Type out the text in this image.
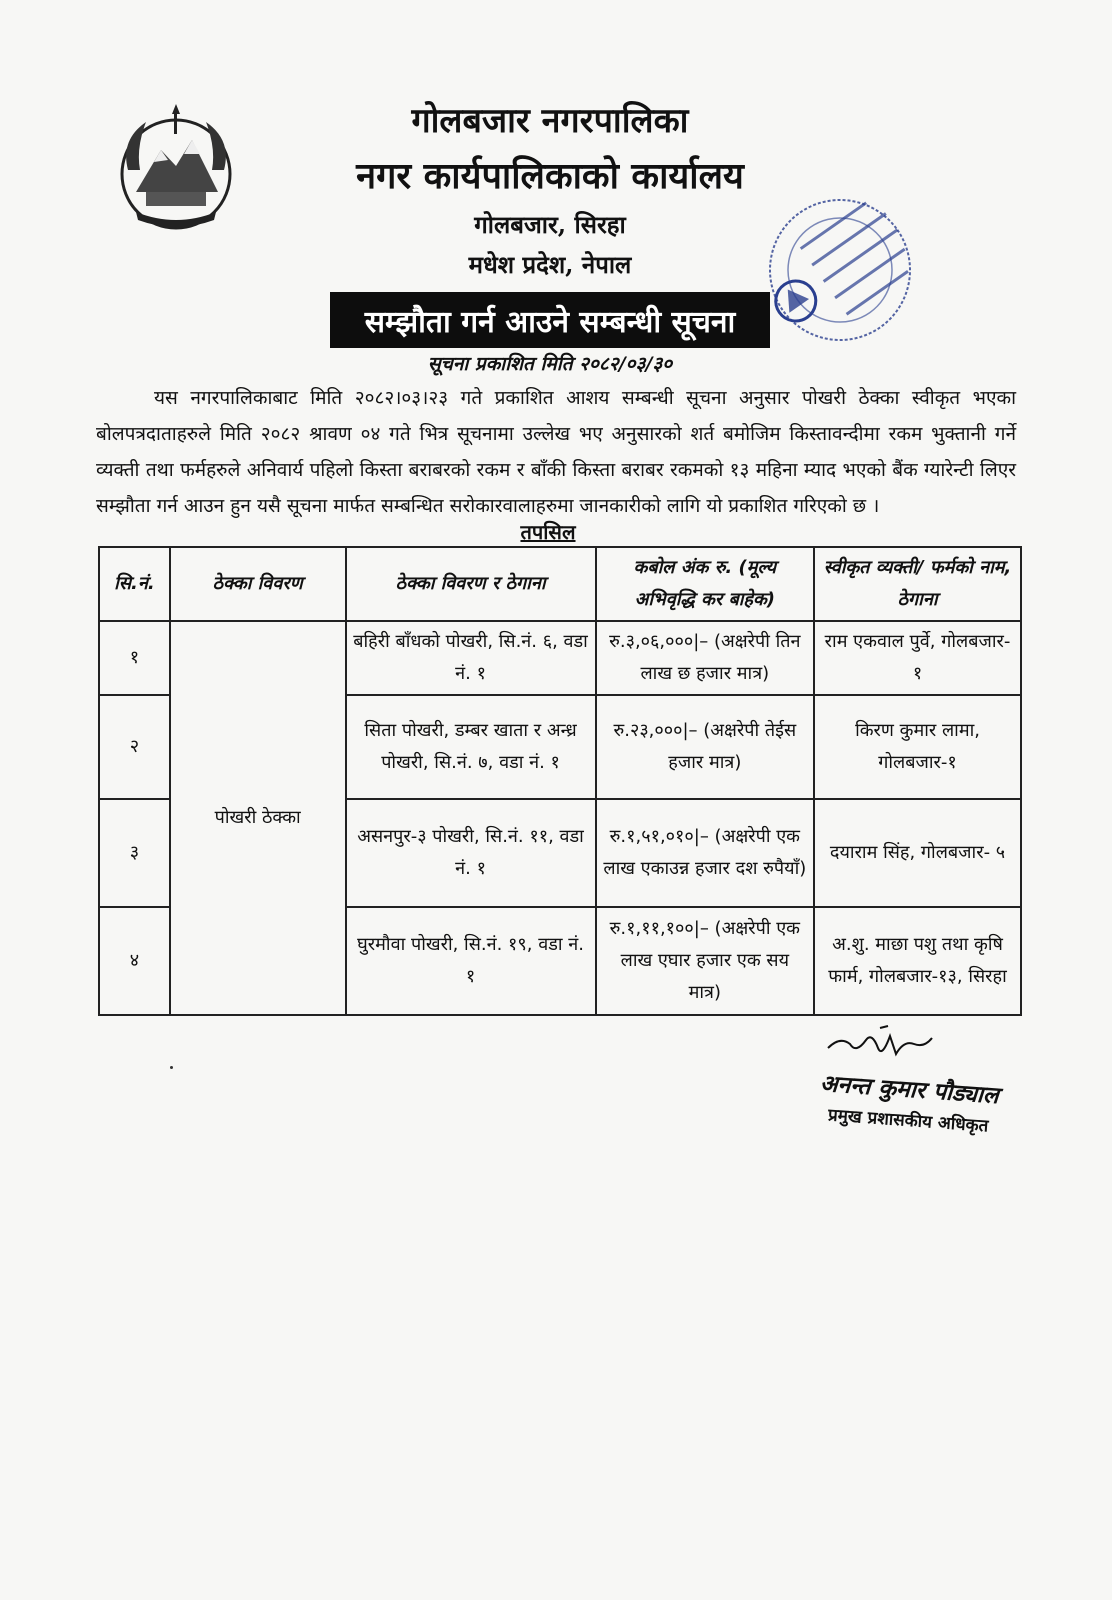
गोलबजार नगरपालिका
नगर कार्यपालिकाको कार्यालय
गोलबजार, सिरहा
मधेश प्रदेश, नेपाल
सम्झौता गर्न आउने सम्बन्धी सूचना
सूचना प्रकाशित मिति २०८२/०३/३०
यस नगरपालिकाबाट मिति २०८२।०३।२३ गते प्रकाशित आशय सम्बन्धी सूचना अनुसार पोखरी ठेक्का स्वीकृत भएका बोलपत्रदाताहरुले मिति २०८२ श्रावण ०४ गते भित्र सूचनामा उल्लेख भए अनुसारको शर्त बमोजिम किस्तावन्दीमा रकम भुक्तानी गर्ने व्यक्ती तथा फर्महरुले अनिवार्य पहिलो किस्ता बराबरको रकम र बाँकी किस्ता बराबर रकमको १३ महिना म्याद भएको बैंक ग्यारेन्टी लिएर सम्झौता गर्न आउन हुन यसै सूचना मार्फत सम्बन्धित सरोकारवालाहरुमा जानकारीको लागि यो प्रकाशित गरिएको छ ।
तपसिल
सि.नं.	ठेक्का विवरण	ठेक्का विवरण र ठेगाना	कबोल अंक रु. (मूल्य अभिवृद्धि कर बाहेक)	स्वीकृत व्यक्ती/ फर्मको नाम, ठेगाना
१	पोखरी ठेक्का	बहिरी बाँधको पोखरी, सि.नं. ६, वडा नं. १	रु.३,०६,०००|– (अक्षरेपी तिन लाख छ हजार मात्र)	राम एकवाल पुर्वे, गोलबजार- १
२		सिता पोखरी, डम्बर खाता र अन्ध्र पोखरी, सि.नं. ७, वडा नं. १	रु.२३,०००|– (अक्षरेपी तेईस हजार मात्र)	किरण कुमार लामा, गोलबजार-१
३		असनपुर-३ पोखरी, सि.नं. ११, वडा नं. १	रु.१,५१,०१०|– (अक्षरेपी एक लाख एकाउन्न हजार दश रुपैयाँ)	दयाराम सिंह, गोलबजार- ५
४		घुरमौवा पोखरी, सि.नं. १९, वडा नं. १	रु.१,११,१००|– (अक्षरेपी एक लाख एघार हजार एक सय मात्र)	अ.शु. माछा पशु तथा कृषि फार्म, गोलबजार-१३, सिरहा
अनन्त कुमार पौड्याल
प्रमुख प्रशासकीय अधिकृत
